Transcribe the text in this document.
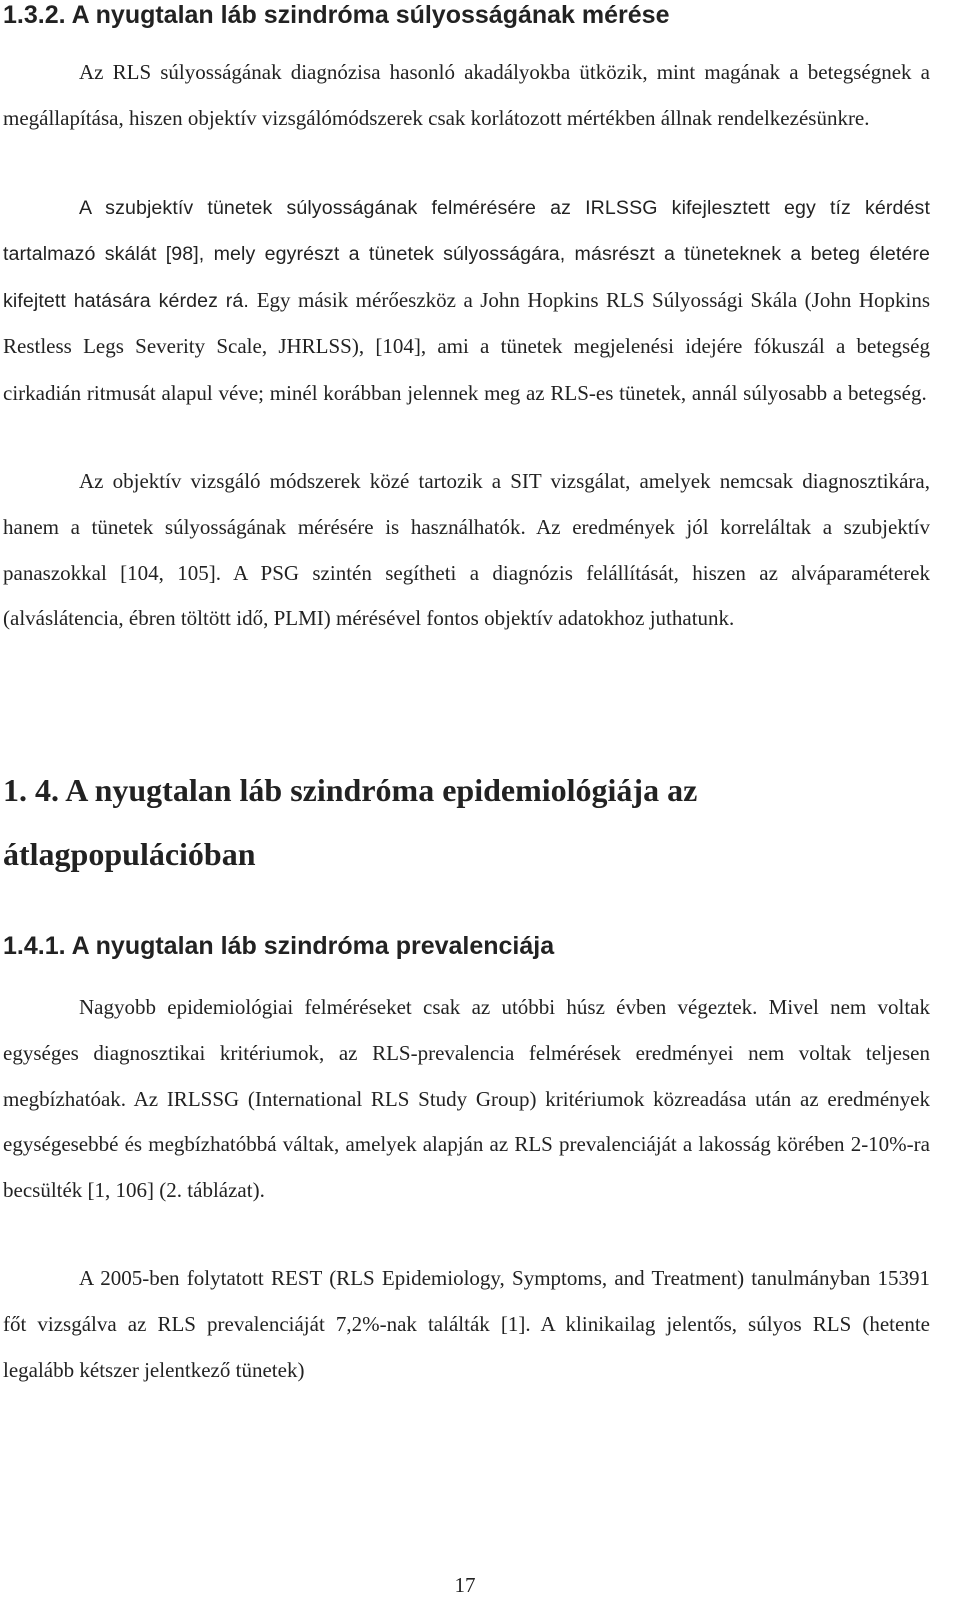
1.3.2. A nyugtalan láb szindróma súlyosságának mérése

Az RLS súlyosságának diagnózisa hasonló akadályokba ütközik, mint magának a betegségnek a megállapítása, hiszen objektív vizsgálómódszerek csak korlátozott mértékben állnak rendelkezésünkre.

A szubjektív tünetek súlyosságának felmérésére az IRLSSG kifejlesztett egy tíz kérdést tartalmazó skálát [98], mely egyrészt a tünetek súlyosságára, másrészt a tüneteknek a beteg életére kifejtett hatására kérdez rá. Egy másik mérőeszköz a John Hopkins RLS Súlyossági Skála (John Hopkins Restless Legs Severity Scale, JHRLSS), [104], ami a tünetek megjelenési idejére fókuszál a betegség cirkadián ritmusát alapul véve; minél korábban jelennek meg az RLS-es tünetek, annál súlyosabb a betegség.

Az objektív vizsgáló módszerek közé tartozik a SIT vizsgálat, amelyek nemcsak diagnosztikára, hanem a tünetek súlyosságának mérésére is használhatók. Az eredmények jól korreláltak a szubjektív panaszokkal [104, 105]. A PSG szintén segítheti a diagnózis felállítását, hiszen az alváparaméterek (alváslátencia, ébren töltött idő, PLMI) mérésével fontos objektív adatokhoz juthatunk.

1. 4. A nyugtalan láb szindróma epidemiológiája az átlagpopulációban
1.4.1. A nyugtalan láb szindróma prevalenciája

Nagyobb epidemiológiai felméréseket csak az utóbbi húsz évben végeztek. Mivel nem voltak egységes diagnosztikai kritériumok, az RLS-prevalencia felmérések eredményei nem voltak teljesen megbízhatóak. Az IRLSSG (International RLS Study Group) kritériumok közreadása után az eredmények egységesebbé és megbízhatóbbá váltak, amelyek alapján az RLS prevalenciáját a lakosság körében 2-10%-ra becsülték [1, 106] (2. táblázat).

A 2005-ben folytatott REST (RLS Epidemiology, Symptoms, and Treatment) tanulmányban 15391 főt vizsgálva az RLS prevalenciáját 7,2%-nak találták [1]. A klinikailag jelentős, súlyos RLS (hetente legalább kétszer jelentkező tünetek)

17
